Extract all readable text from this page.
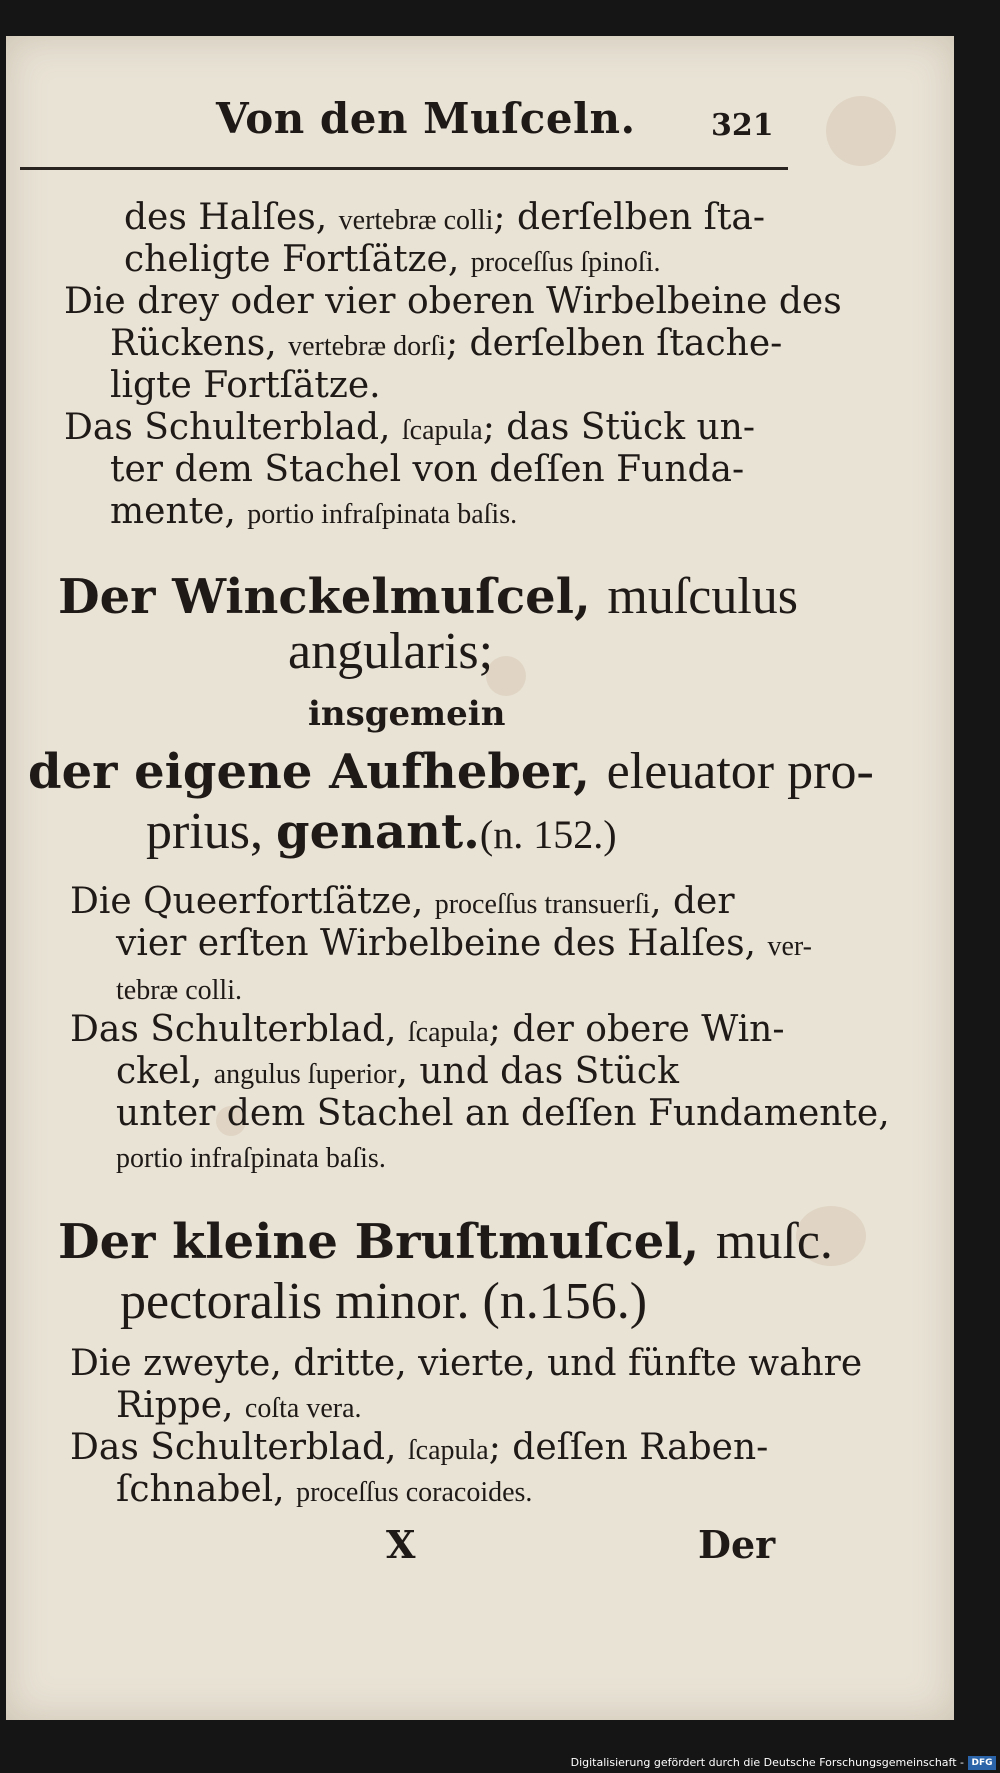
Von den Muſceln.	321
des Halſes, vertebræ colli; derſelben ſta-
cheligte Fortſätze, proceſſus ſpinoſi.
Die drey oder vier oberen Wirbelbeine des
Rückens, vertebræ dorſi; derſelben ſtache-
ligte Fortſätze.
Das Schulterblad, ſcapula; das Stück un-
ter dem Stachel von deſſen Funda-
mente, portio infraſpinata baſis.
Der Winckelmuſcel, muſculus
angularis;
insgemein
der eigene Aufheber, eleuator pro-
prius, genant.(n. 152.)
Die Queerfortſätze, proceſſus transuerſi, der
vier erſten Wirbelbeine des Halſes, ver-
tebræ colli.
Das Schulterblad, ſcapula; der obere Win-
ckel, angulus ſuperior, und das Stück
unter dem Stachel an deſſen Fundamente,
portio infraſpinata baſis.
Der kleine Bruſtmuſcel, muſc.
pectoralis minor. (n.156.)
Die zweyte, dritte, vierte, und fünfte wahre
Rippe, coſta vera.
Das Schulterblad, ſcapula; deſſen Raben-
ſchnabel, proceſſus coracoides.
X	Der
Digitalisierung gefördert durch die Deutsche Forschungsgemeinschaft - DFG
